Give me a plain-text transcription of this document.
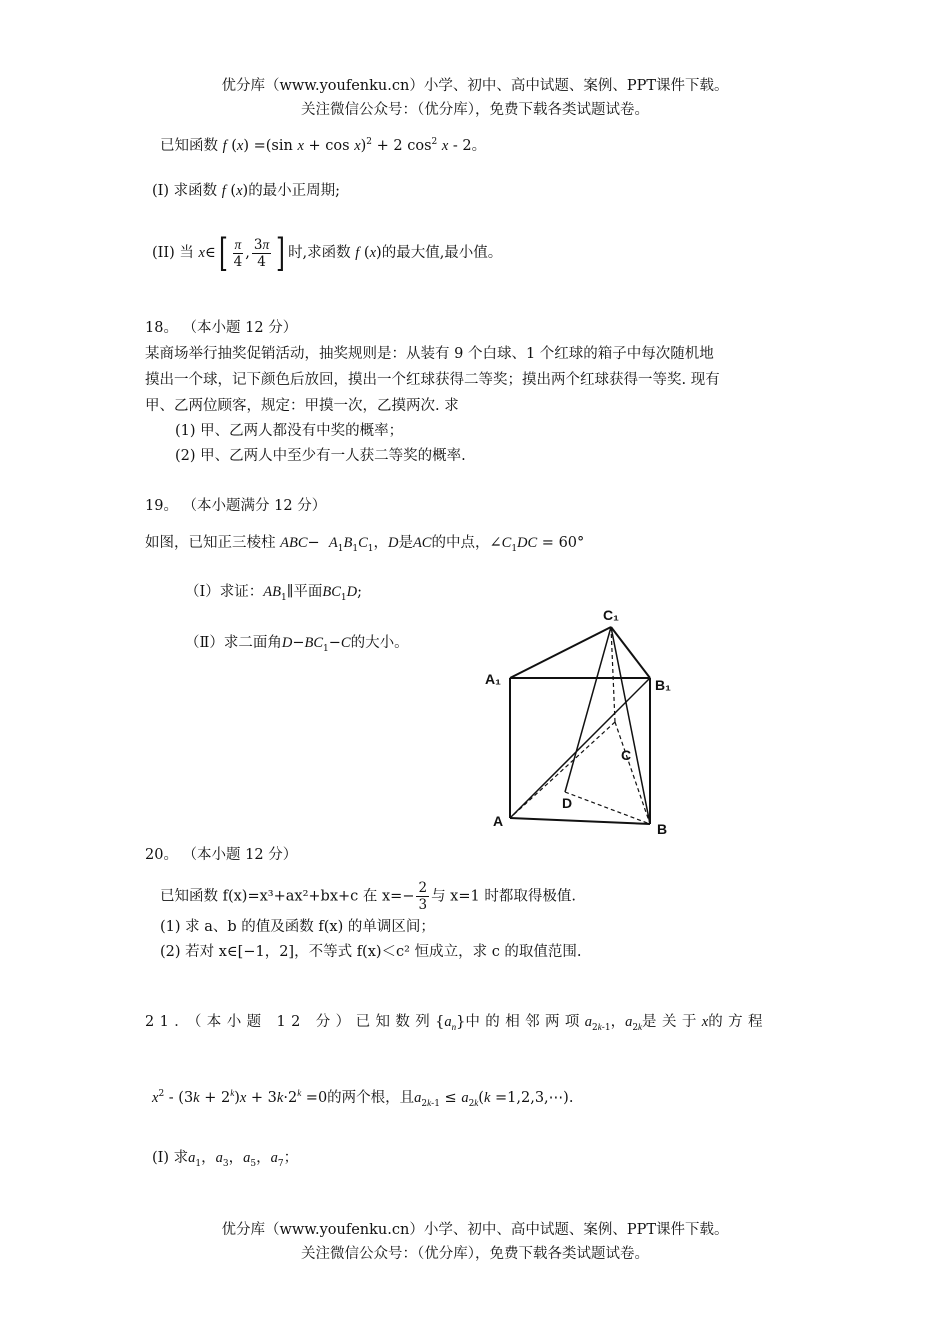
优分库（www.youfenku.cn）小学、初中、高中试题、案例、PPT课件下载。
关注微信公众号：（优分库），免费下载各类试题试卷。
已知函数 f (x) =(sin x + cos x)$^2$ + 2 $\cos^2 x - 2$。
(I) 求函数 f (x)的最小正周期;
(II) 当 x∈[ $\frac{\pi}{4}$ , $\frac{3\pi}{4}$ ] 时,求函数 f (x)的最大值,最小值。
18。 （本小题 12 分）
某商场举行抽奖促销活动，抽奖规则是：从装有 9 个白球、1 个红球的箱子中每次随机地
摸出一个球，记下颜色后放回，摸出一个红球获得二等奖；摸出两个红球获得一等奖. 现有
甲、乙两位顾客，规定：甲摸一次，乙摸两次. 求
(1) 甲、乙两人都没有中奖的概率；
(2) 甲、乙两人中至少有一人获二等奖的概率.
19。 （本小题满分 12 分）
如图，已知正三棱柱 $ABC- A_1B_1C_1$，D是AC的中点，$\angle C_1DC = 60^\circ$
（Ⅰ）求证：$AB_1\parallel$平面$BC_1D$;
（Ⅱ）求二面角$D-BC_1-C$的大小。
C₁
A₁	B₁
C
D
A	B
20。 （本小题 12 分）
已知函数 f(x)=x³+ax²+bx+c 在 $x=- \frac{2}{3}$ 与 x=1 时都取得极值.
(1) 求 a、b 的值及函数 f(x) 的单调区间；
(2) 若对 x∈[−1，2]，不等式 f(x)＜c² 恒成立，求 c 的取值范围.
21．（本小题 12 分）已知数列$\{a_n\}$中的相邻两项$a_{2k-1}$，$a_{2k}$是关于x的方程
$x^2 - (3k + 2^k)x + 3k\cdot 2^k =0$的两个根，且$a_{2k-1} \le a_{2k}(k$ =1,2,3,⋯).
(I) 求$a_1$，$a_3$，$a_5$，$a_7$；
优分库（www.youfenku.cn）小学、初中、高中试题、案例、PPT课件下载。
关注微信公众号：（优分库），免费下载各类试题试卷。
